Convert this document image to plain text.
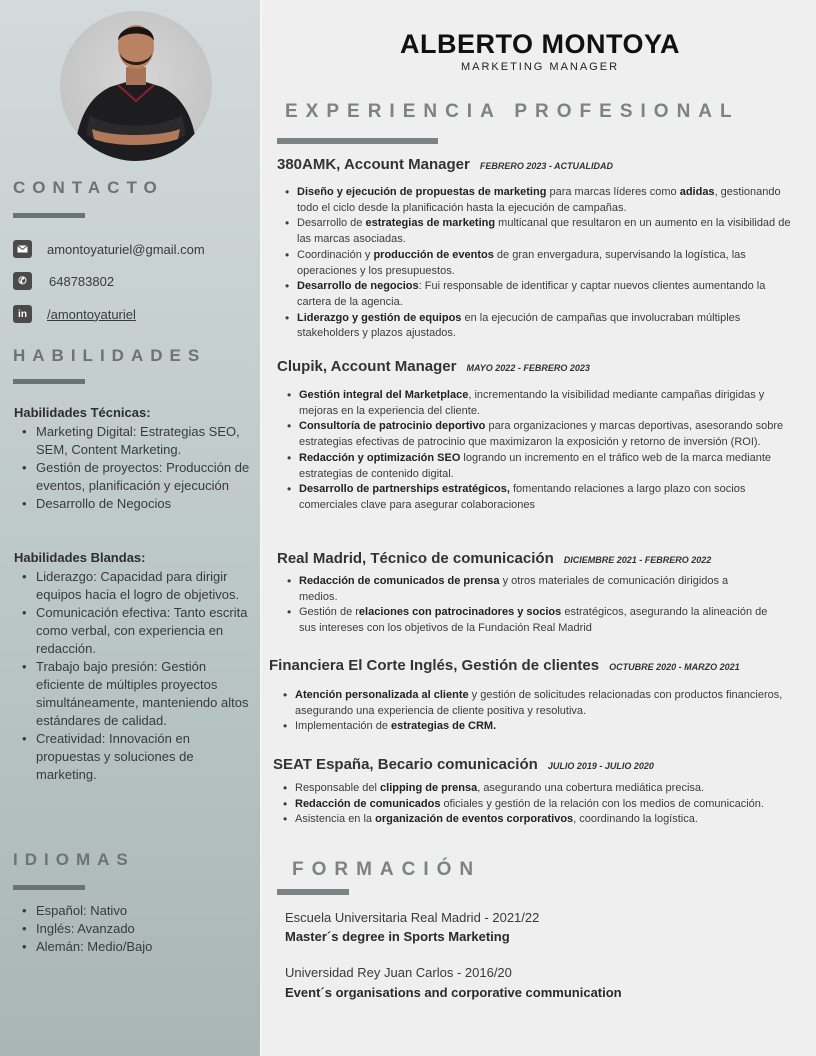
CONTACTO
amontoyaturiel@gmail.com
✆	648783802
in	/amontoyaturiel
HABILIDADES
Habilidades Técnicas:
• Marketing Digital: Estrategias SEO, SEM, Content Marketing.
• Gestión de proyectos: Producción de eventos, planificación y ejecución
• Desarrollo de Negocios
Habilidades Blandas:
• Liderazgo: Capacidad para dirigir equipos hacia el logro de objetivos.
• Comunicación efectiva: Tanto escrita como verbal, con experiencia en redacción.
• Trabajo bajo presión: Gestión eficiente de múltiples proyectos simultáneamente, manteniendo altos estándares de calidad.
• Creatividad: Innovación en propuestas y soluciones de marketing.
IDIOMAS
• Español: Nativo
• Inglés: Avanzado
• Alemán: Medio/Bajo
ALBERTO MONTOYA
MARKETING MANAGER
EXPERIENCIA PROFESIONAL
380AMK, Account Manager FEBRERO 2023 - ACTUALIDAD
• Diseño y ejecución de propuestas de marketing para marcas líderes como adidas, gestionando todo el ciclo desde la planificación hasta la ejecución de campañas.
• Desarrollo de estrategias de marketing multicanal que resultaron en un aumento en la visibilidad de las marcas asociadas.
• Coordinación y producción de eventos de gran envergadura, supervisando la logística, las operaciones y los presupuestos.
• Desarrollo de negocios: Fui responsable de identificar y captar nuevos clientes aumentando la cartera de la agencia.
• Liderazgo y gestión de equipos en la ejecución de campañas que involucraban múltiples stakeholders y plazos ajustados.
Clupik, Account Manager MAYO 2022 - FEBRERO 2023
• Gestión integral del Marketplace, incrementando la visibilidad mediante campañas dirigidas y mejoras en la experiencia del cliente.
• Consultoría de patrocinio deportivo para organizaciones y marcas deportivas, asesorando sobre estrategias efectivas de patrocinio que maximizaron la exposición y retorno de inversión (ROI).
• Redacción y optimización SEO logrando un incremento en el tráfico web de la marca mediante estrategias de contenido digital.
• Desarrollo de partnerships estratégicos, fomentando relaciones a largo plazo con socios comerciales clave para asegurar colaboraciones
Real Madrid, Técnico de comunicación DICIEMBRE 2021 - FEBRERO 2022
• Redacción de comunicados de prensa y otros materiales de comunicación dirigidos a medios.
• Gestión de relaciones con patrocinadores y socios estratégicos, asegurando la alineación de sus intereses con los objetivos de la Fundación Real Madrid
Financiera El Corte Inglés, Gestión de clientes OCTUBRE 2020 - MARZO 2021
• Atención personalizada al cliente y gestión de solicitudes relacionadas con productos financieros, asegurando una experiencia de cliente positiva y resolutiva.
• Implementación de estrategias de CRM.
SEAT España, Becario comunicación JULIO 2019 - JULIO 2020
• Responsable del clipping de prensa, asegurando una cobertura mediática precisa.
• Redacción de comunicados oficiales y gestión de la relación con los medios de comunicación.
• Asistencia en la organización de eventos corporativos, coordinando la logística.
FORMACIÓN
Escuela Universitaria Real Madrid - 2021/22
Master´s degree in Sports Marketing
Universidad Rey Juan Carlos - 2016/20
Event´s organisations and corporative communication
